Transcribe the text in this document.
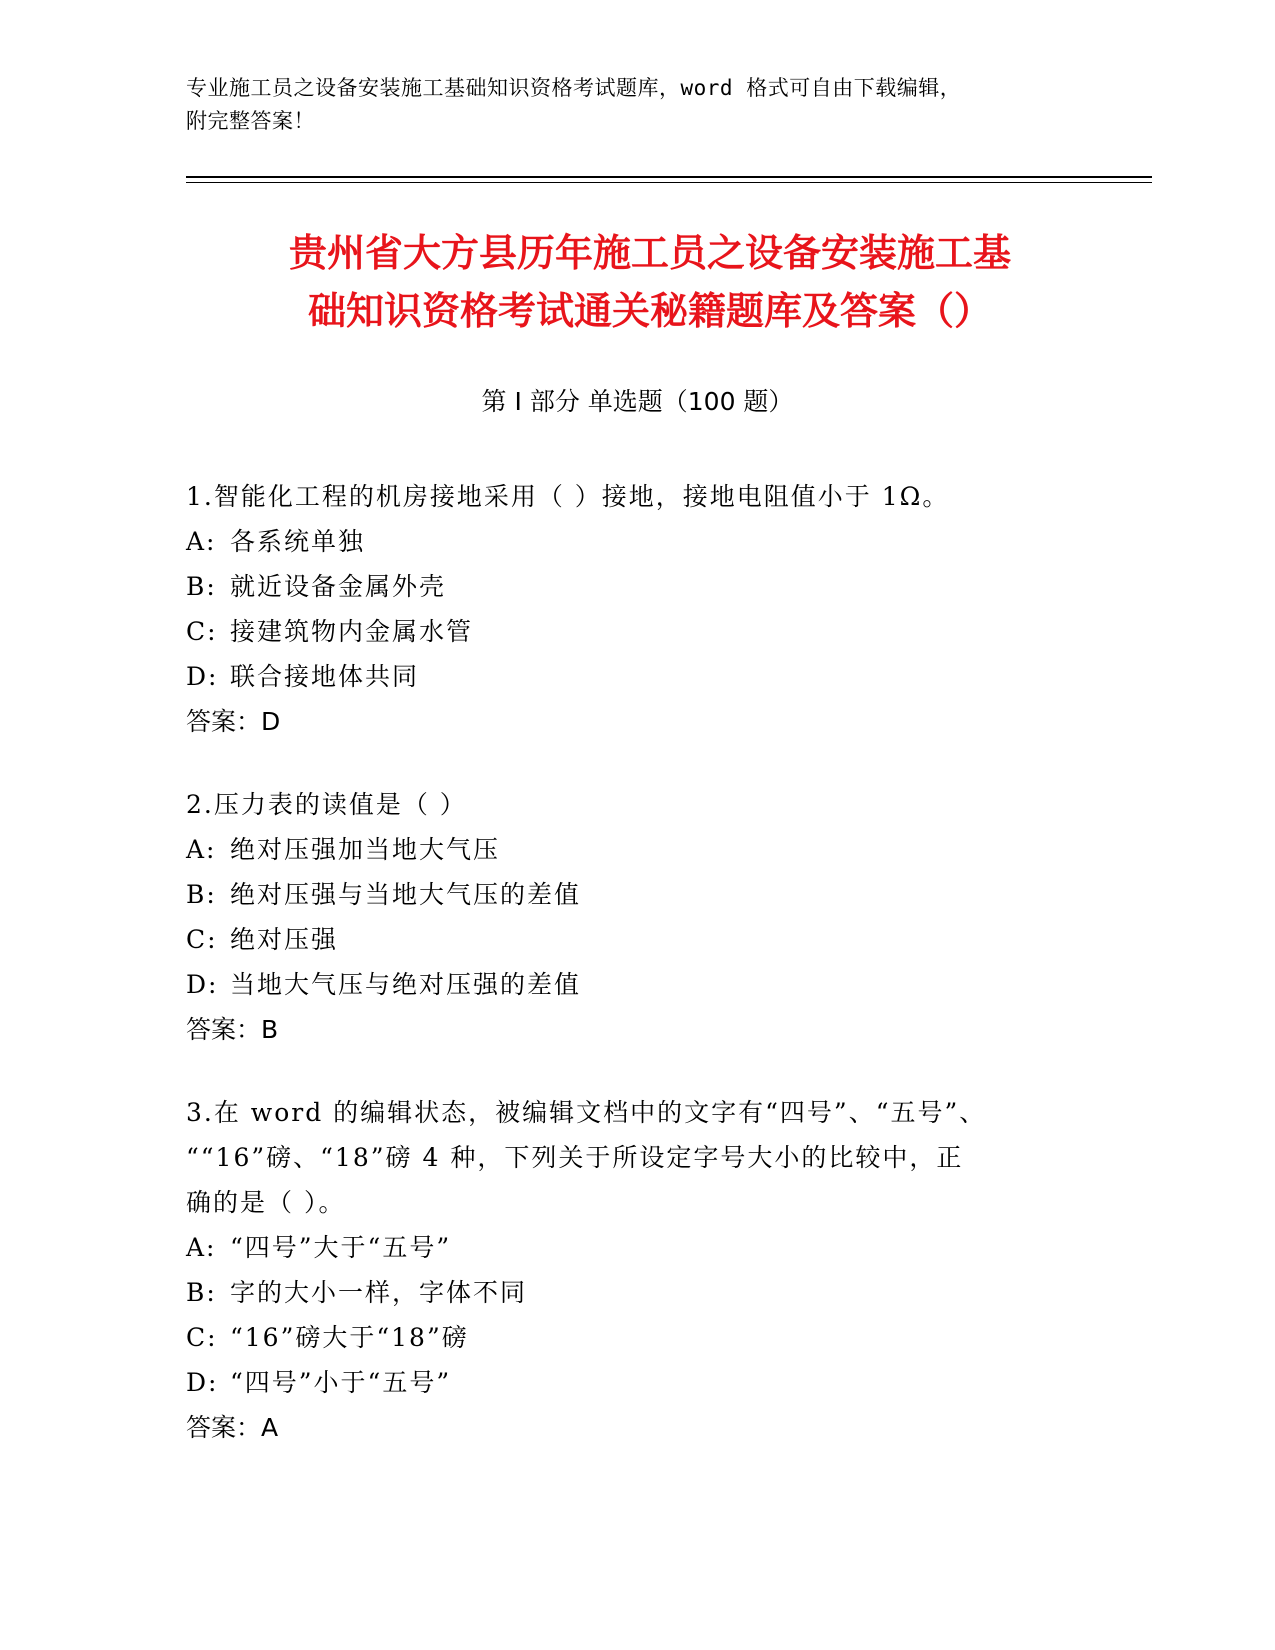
专业施工员之设备安装施工基础知识资格考试题库，word 格式可自由下载编辑，
附完整答案！
贵州省大方县历年施工员之设备安装施工基
础知识资格考试通关秘籍题库及答案（）
第 I 部分 单选题（100 题）
1.智能化工程的机房接地采用（ ）接地，接地电阻值小于 1Ω。
A: 各系统单独
B: 就近设备金属外壳
C: 接建筑物内金属水管
D: 联合接地体共同
答案：D
2.压力表的读值是（ ）
A: 绝对压强加当地大气压
B: 绝对压强与当地大气压的差值
C: 绝对压强
D: 当地大气压与绝对压强的差值
答案：B
3.在 word 的编辑状态，被编辑文档中的文字有“四号”、“五号”、
““16”磅、“18”磅 4 种，下列关于所设定字号大小的比较中，正
确的是（ ）。
A: “四号”大于“五号”
B: 字的大小一样，字体不同
C: “16”磅大于“18”磅
D: “四号”小于“五号”
答案：A
